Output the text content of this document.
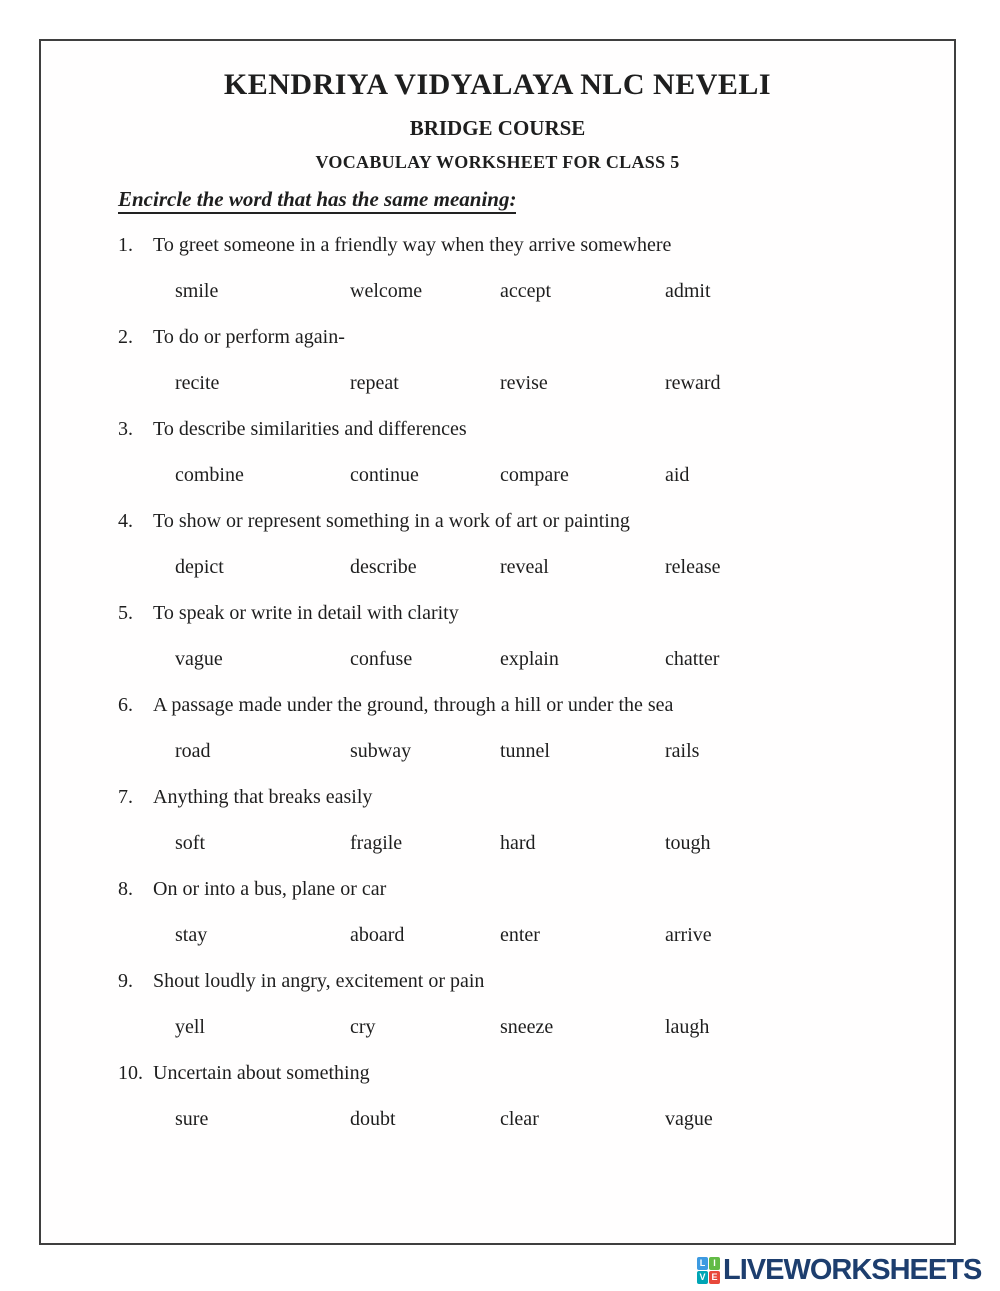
KENDRIYA VIDYALAYA NLC NEVELI
BRIDGE COURSE
VOCABULAY WORKSHEET FOR CLASS 5
Encircle the word that has the same meaning:
1. To greet someone in a friendly way when they arrive somewhere
smile	welcome	accept	admit
2. To do or perform again-
recite	repeat	revise	reward
3. To describe similarities and differences
combine	continue	compare	aid
4. To show or represent something in a work of art or painting
depict	describe	reveal	release
5. To speak or write in detail with clarity
vague	confuse	explain	chatter
6. A passage made under the ground, through a hill or under the sea
road	subway	tunnel	rails
7. Anything that breaks easily
soft	fragile	hard	tough
8. On or into a bus, plane or car
stay	aboard	enter	arrive
9. Shout loudly in angry, excitement or pain
yell	cry	sneeze	laugh
10. Uncertain about something
sure	doubt	clear	vague
L I
V E LIVEWORKSHEETS
